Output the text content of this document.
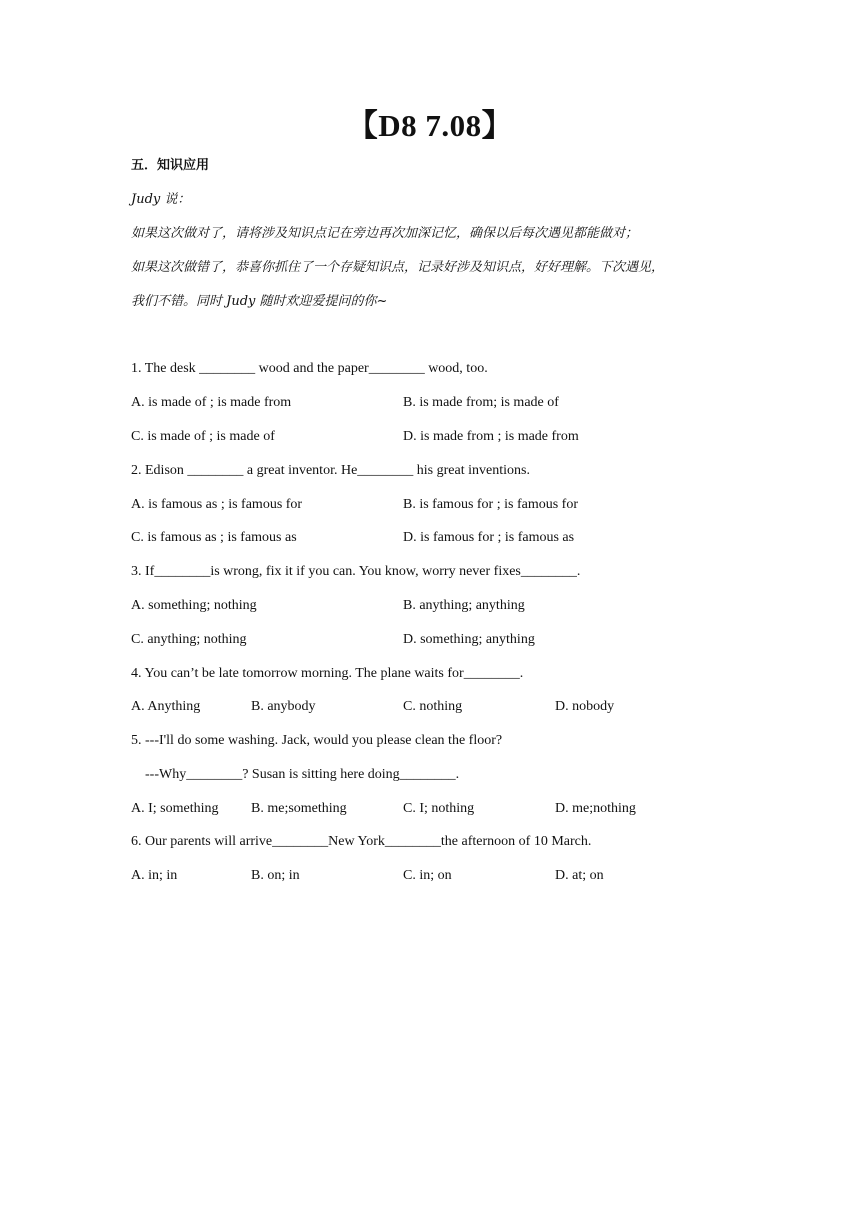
【D8 7.08】
五．知识应用
Judy 说：
如果这次做对了，请将涉及知识点记在旁边再次加深记忆，确保以后每次遇见都能做对；
如果这次做错了，恭喜你抓住了一个存疑知识点，记录好涉及知识点，好好理解。下次遇见，
我们不错。同时 Judy 随时欢迎爱提问的你~
1. The desk ________ wood and the paper________ wood, too.
A. is made of ; is made from	B. is made from; is made of
C. is made of ; is made of	D. is made from ; is made from
2. Edison ________ a great inventor. He________ his great inventions.
A. is famous as ; is famous for	B. is famous for ; is famous for
C. is famous as ; is famous as	D. is famous for ; is famous as
3. If________is wrong, fix it if you can. You know, worry never fixes________.
A. something; nothing	B. anything; anything
C. anything; nothing	D. something; anything
4. You can’t be late tomorrow morning. The plane waits for________.
A. Anything	B. anybody	C. nothing	D. nobody
5. ---I'll do some washing. Jack, would you please clean the floor?
---Why________? Susan is sitting here doing________.
A. I; something B. me;something	C. I; nothing	D. me;nothing
6. Our parents will arrive________New York________the afternoon of 10 March.
A. in; in	B. on; in	C. in; on	D. at; on
